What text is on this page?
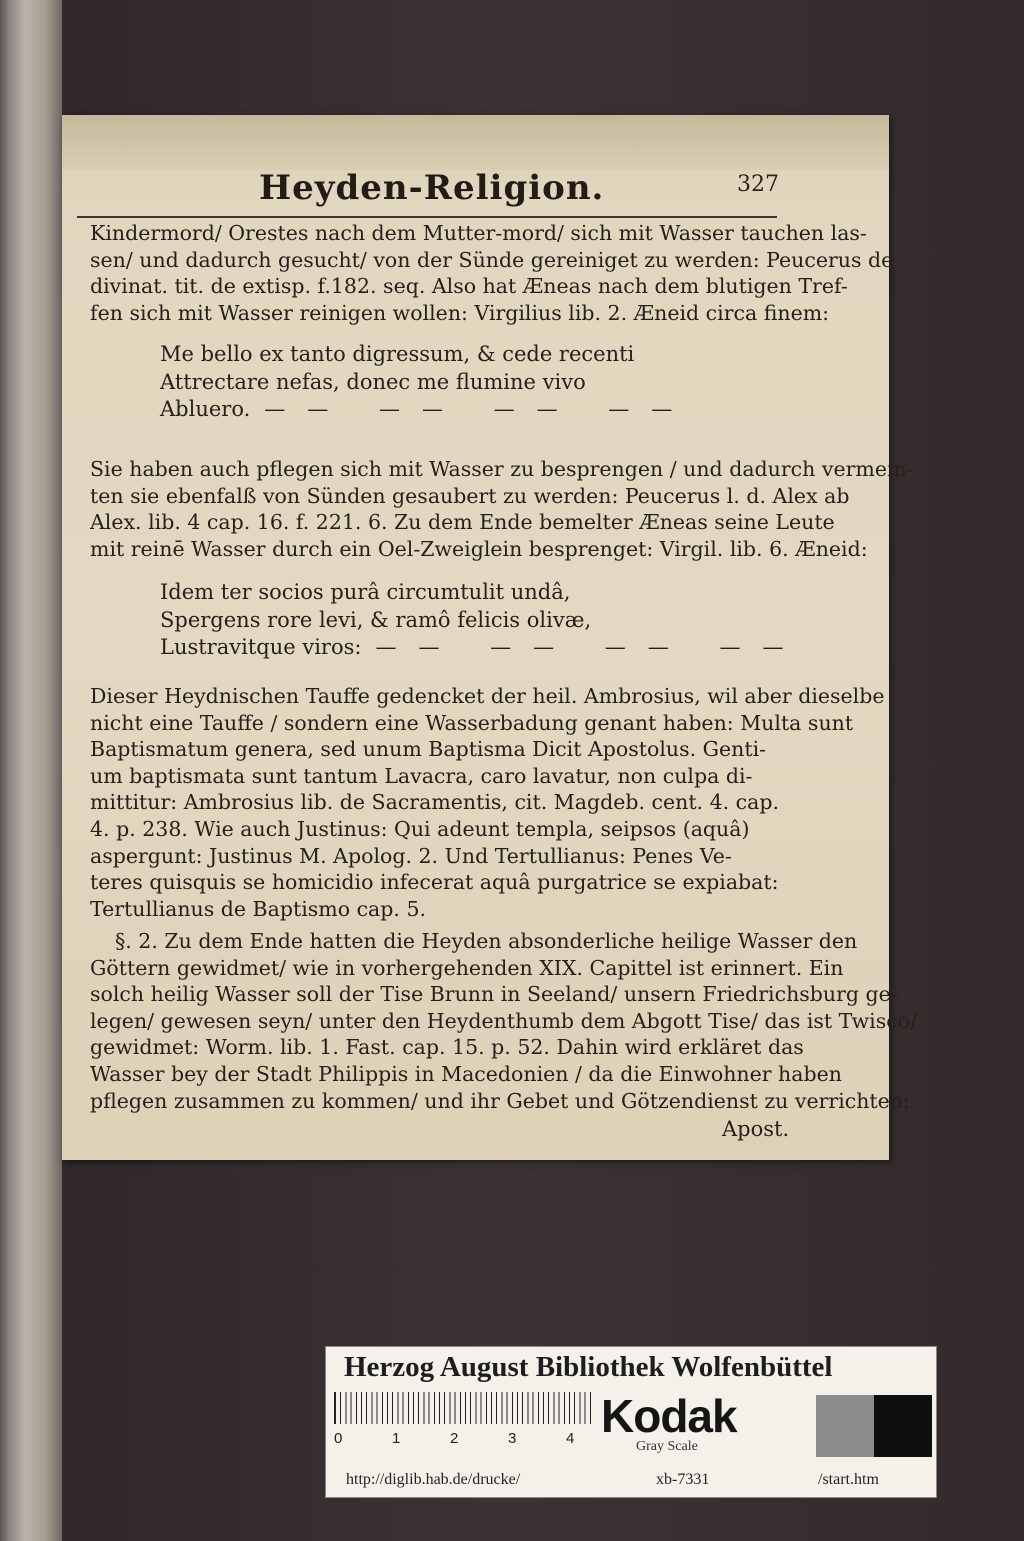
Heyden-Religion.	327
Kindermord/ Orestes nach dem Mutter-mord/ sich mit Wasser tauchen las-
sen/ und dadurch gesucht/ von der Sünde gereiniget zu werden: Peucerus de
divinat. tit. de extisp. f.182. seq. Also hat Æneas nach dem blutigen Tref-
fen sich mit Wasser reinigen wollen: Virgilius lib. 2. Æneid circa finem:
Me bello ex tanto digressum, & cede recenti
Attrectare nefas, donec me flumine vivo
Abluero. —— —— —— ——
Sie haben auch pflegen sich mit Wasser zu besprengen / und dadurch vermein-
ten sie ebenfalß von Sünden gesaubert zu werden: Peucerus l. d. Alex ab
Alex. lib. 4 cap. 16. f. 221. 6. Zu dem Ende bemelter Æneas seine Leute
mit reinē Wasser durch ein Oel-Zweiglein besprenget: Virgil. lib. 6. Æneid:
Idem ter socios purâ circumtulit undâ,
Spergens rore levi, & ramô felicis olivæ,
Lustravitque viros: —— —— —— ——
Dieser Heydnischen Tauffe gedencket der heil. Ambrosius, wil aber dieselbe
nicht eine Tauffe / sondern eine Wasserbadung genant haben: Multa sunt
Baptismatum genera, sed unum Baptisma Dicit Apostolus. Genti-
um baptismata sunt tantum Lavacra, caro lavatur, non culpa di-
mittitur: Ambrosius lib. de Sacramentis, cit. Magdeb. cent. 4. cap.
4. p. 238. Wie auch Justinus: Qui adeunt templa, seipsos (aquâ)
aspergunt: Justinus M. Apolog. 2. Und Tertullianus: Penes Ve-
teres quisquis se homicidio infecerat aquâ purgatrice se expiabat:
Tertullianus de Baptismo cap. 5.
§. 2. Zu dem Ende hatten die Heyden absonderliche heilige Wasser den
Göttern gewidmet/ wie in vorhergehenden XIX. Capittel ist erinnert. Ein
solch heilig Wasser soll der Tise Brunn in Seeland/ unsern Friedrichsburg ge-
legen/ gewesen seyn/ unter den Heydenthumb dem Abgott Tise/ das ist Twisco/
gewidmet: Worm. lib. 1. Fast. cap. 15. p. 52. Dahin wird erkläret das
Wasser bey der Stadt Philippis in Macedonien / da die Einwohner haben
pflegen zusammen zu kommen/ und ihr Gebet und Götzendienst zu verrichten:
Apost.
Herzog August Bibliothek Wolfenbüttel
0	1	2	3	4 Kodak
Gray Scale
http://diglib.hab.de/drucke/	xb-7331	/start.htm
